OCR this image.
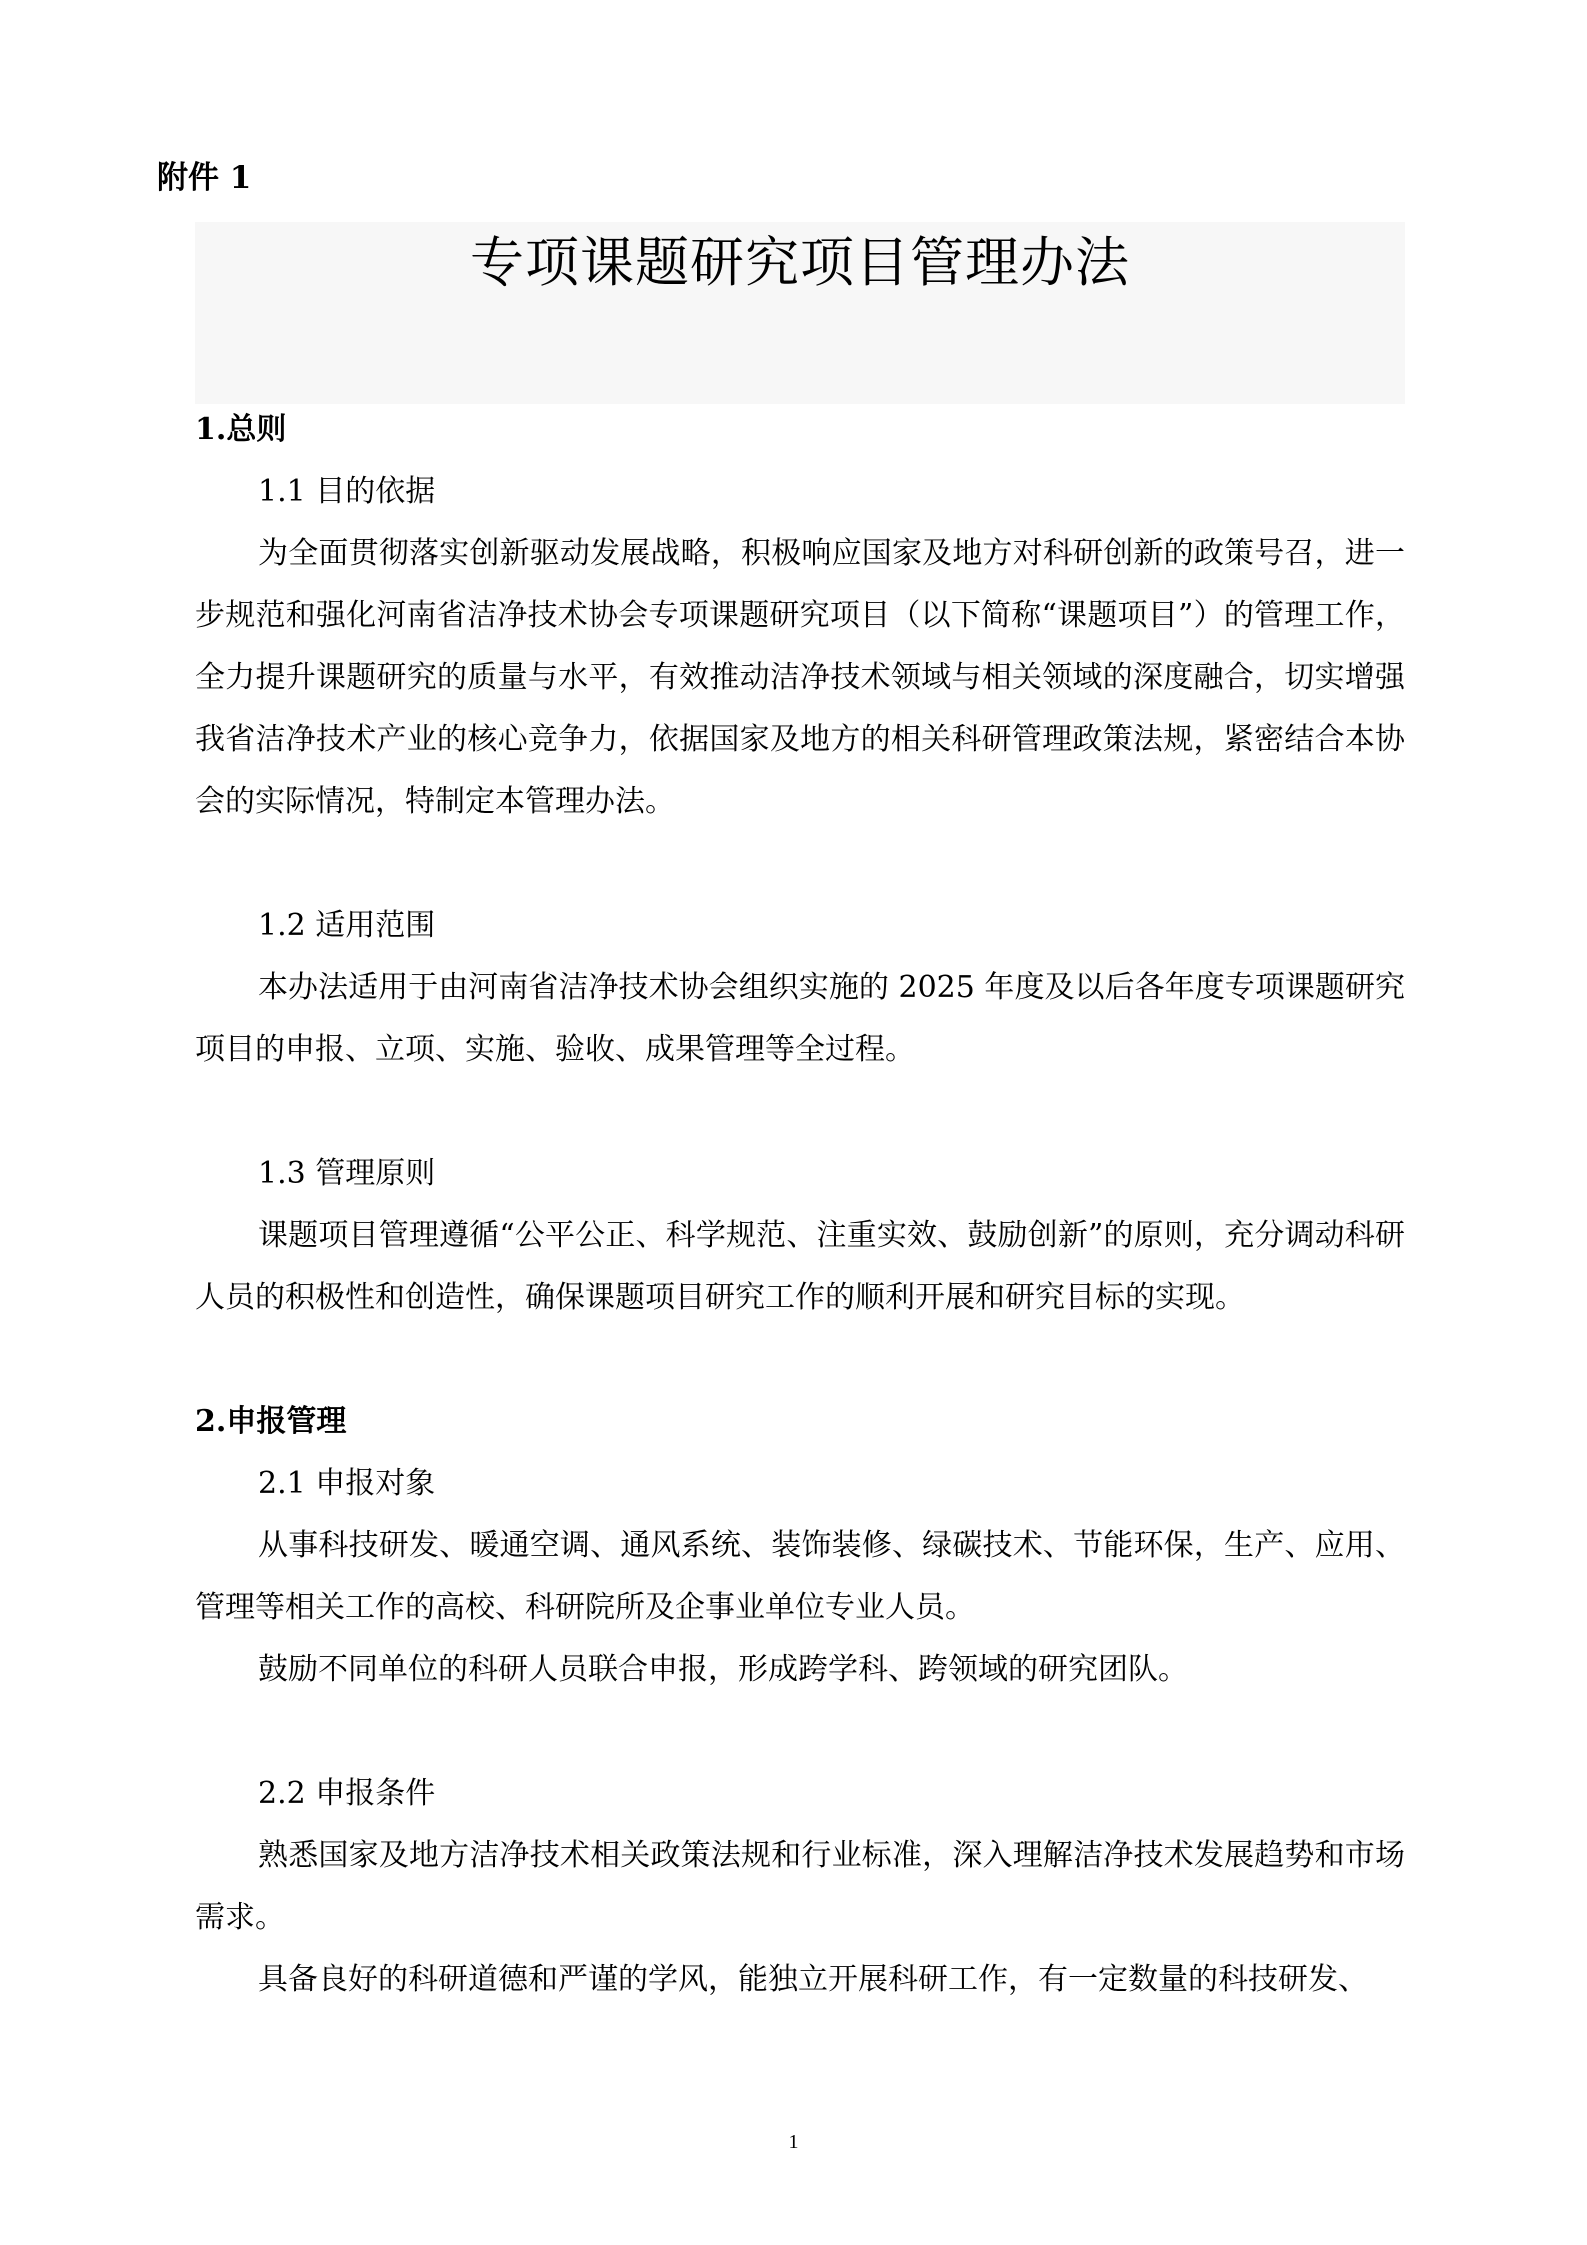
附件 1
专项课题研究项目管理办法
1.总则
1.1 目的依据

为全面贯彻落实创新驱动发展战略，积极响应国家及地方对科研创新的政策号召，进一步规范和强化河南省洁净技术协会专项课题研究项目（以下简称“课题项目”）的管理工作，全力提升课题研究的质量与水平，有效推动洁净技术领域与相关领域的深度融合，切实增强我省洁净技术产业的核心竞争力，依据国家及地方的相关科研管理政策法规，紧密结合本协会的实际情况，特制定本管理办法。

1.2 适用范围

本办法适用于由河南省洁净技术协会组织实施的 2025 年度及以后各年度专项课题研究项目的申报、立项、实施、验收、成果管理等全过程。

1.3 管理原则

课题项目管理遵循“公平公正、科学规范、注重实效、鼓励创新”的原则，充分调动科研人员的积极性和创造性，确保课题项目研究工作的顺利开展和研究目标的实现。

2.申报管理
2.1 申报对象

从事科技研发、暖通空调、通风系统、装饰装修、绿碳技术、节能环保，生产、应用、管理等相关工作的高校、科研院所及企事业单位专业人员。

鼓励不同单位的科研人员联合申报，形成跨学科、跨领域的研究团队。

2.2 申报条件

熟悉国家及地方洁净技术相关政策法规和行业标准，深入理解洁净技术发展趋势和市场需求。

具备良好的科研道德和严谨的学风，能独立开展科研工作，有一定数量的科技研发、

1
